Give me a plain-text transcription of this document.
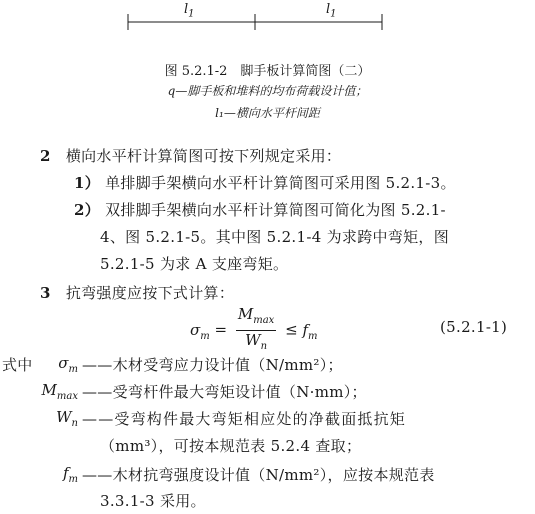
$l_1$	$l_1$
图 5.2.1-2　脚手板计算简图（二）
q—脚手板和堆料的均布荷载设计值；
l₁—横向水平杆间距
2 横向水平杆计算简图可按下列规定采用：
1） 单排脚手架横向水平杆计算简图可采用图 5.2.1-3。
2） 双排脚手架横向水平杆计算简图可简化为图 5.2.1-
4、图 5.2.1-5。其中图 5.2.1-4 为求跨中弯矩，图
5.2.1-5 为求 A 支座弯矩。
3 抗弯强度应按下式计算：
$\sigma_m = \frac{M_{max}}{W_n} \le f_m$	(5.2.1-1)
式中	$\sigma_m$ ——木材受弯应力设计值（N/mm²）；
$M_{max}$ ——受弯杆件最大弯矩设计值（N·mm）；
$W_n$ ——受弯构件最大弯矩相应处的净截面抵抗矩
（mm³），可按本规范表 5.2.4 查取；
$f_m$ ——木材抗弯强度设计值（N/mm²），应按本规范表
3.3.1-3 采用。
